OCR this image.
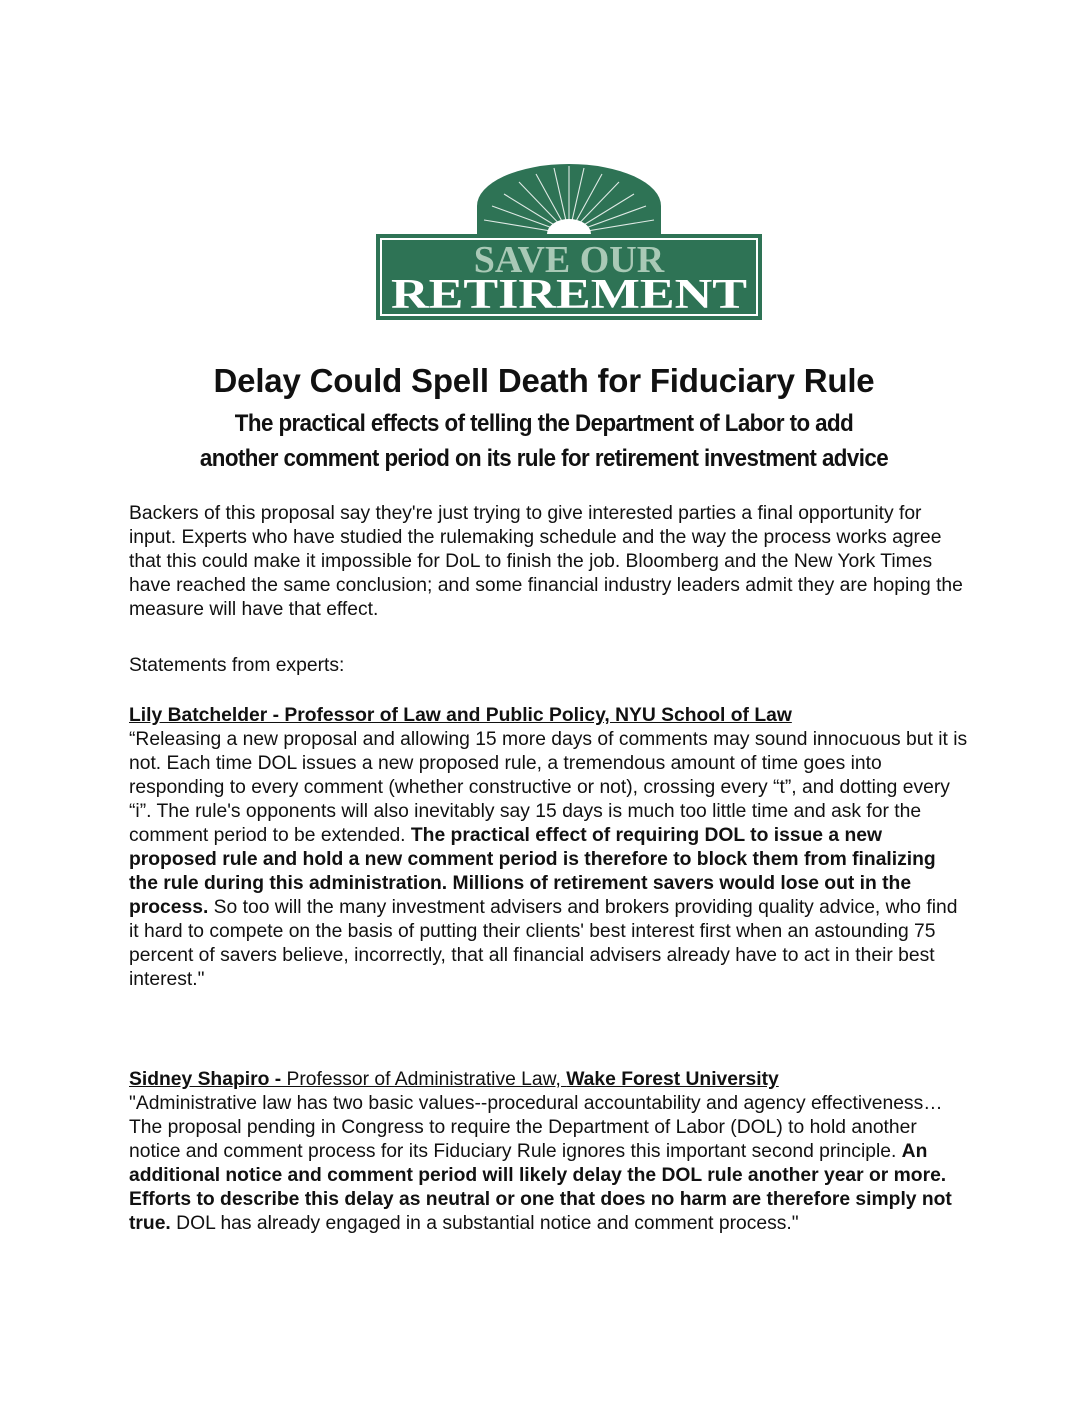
SAVE OUR
RETIREMENT
Delay Could Spell Death for Fiduciary Rule
The practical effects of telling the Department of Labor to add
another comment period on its rule for retirement investment advice

Backers of this proposal say they're just trying to give interested parties a final opportunity for input. Experts who have studied the rulemaking schedule and the way the process works agree that this could make it impossible for DoL to finish the job. Bloomberg and the New York Times have reached the same conclusion; and some financial industry leaders admit they are hoping the measure will have that effect.

Statements from experts:

Lily Batchelder - Professor of Law and Public Policy, NYU School of Law

“Releasing a new proposal and allowing 15 more days of comments may sound innocuous but it is not. Each time DOL issues a new proposed rule, a tremendous amount of time goes into responding to every comment (whether constructive or not), crossing every “t”, and dotting every “i”. The rule's opponents will also inevitably say 15 days is much too little time and ask for the comment period to be extended. The practical effect of requiring DOL to issue a new proposed rule and hold a new comment period is therefore to block them from finalizing the rule during this administration. Millions of retirement savers would lose out in the process. So too will the many investment advisers and brokers providing quality advice, who find it hard to compete on the basis of putting their clients' best interest first when an astounding 75 percent of savers believe, incorrectly, that all financial advisers already have to act in their best interest."

Sidney Shapiro - Professor of Administrative Law, Wake Forest University

"Administrative law has two basic values--procedural accountability and agency effectiveness… The proposal pending in Congress to require the Department of Labor (DOL) to hold another notice and comment process for its Fiduciary Rule ignores this important second principle. An additional notice and comment period will likely delay the DOL rule another year or more. Efforts to describe this delay as neutral or one that does no harm are therefore simply not true. DOL has already engaged in a substantial notice and comment process."
